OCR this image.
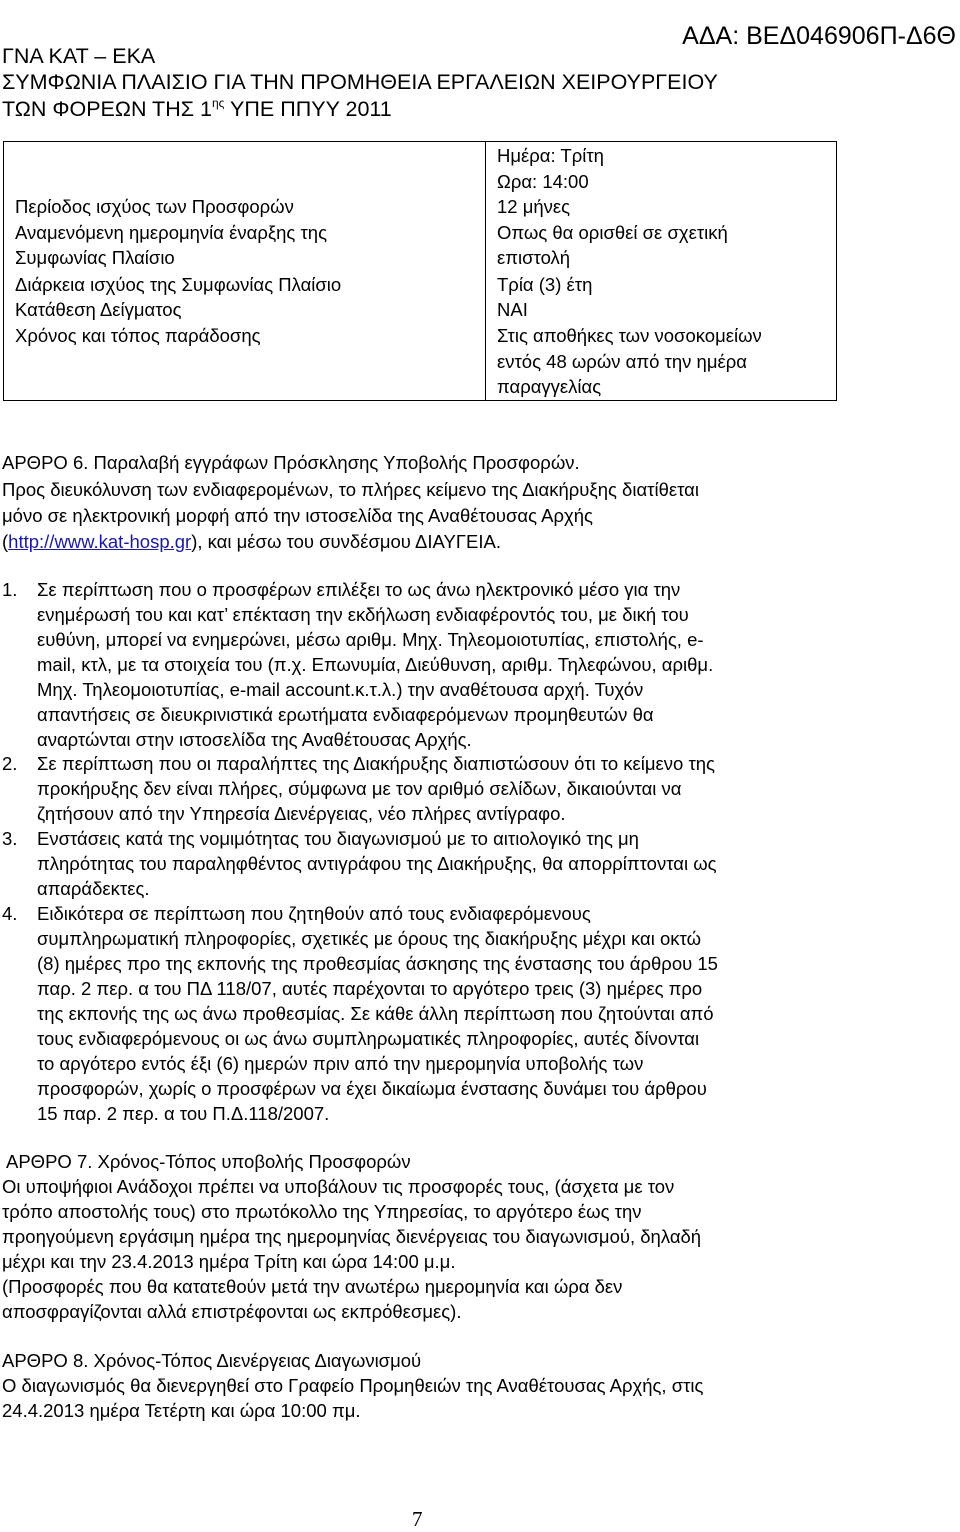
ΑΔΑ: ΒΕΔ046906Π-Δ6Θ
ΓΝΑ ΚΑΤ – ΕΚΑ
ΣΥΜΦΩΝΙΑ ΠΛΑΙΣΙΟ ΓΙΑ ΤΗΝ ΠΡΟΜΗΘΕΙΑ ΕΡΓΑΛΕΙΩΝ ΧΕΙΡΟΥΡΓΕΙΟΥ
ΤΩΝ ΦΟΡΕΩΝ ΤΗΣ $1^{\eta\varsigma}$ ΥΠΕ ΠΠΥΥ 2011
Περίοδος ισχύος των Προσφορών
Αναμενόμενη ημερομηνία έναρξης της
Συμφωνίας Πλαίσιο
Διάρκεια ισχύος της Συμφωνίας Πλαίσιο
Κατάθεση Δείγματος
Χρόνος και τόπος παράδοσης
Ημέρα: Τρίτη
Ωρα: 14:00
12 μήνες
Οπως θα ορισθεί σε σχετική
επιστολή
Τρία (3) έτη
ΝΑΙ
Στις αποθήκες των νοσοκομείων
εντός 48 ωρών από την ημέρα
παραγγελίας
ΑΡΘΡΟ 6. Παραλαβή εγγράφων Πρόσκλησης Υποβολής Προσφορών.
Προς διευκόλυνση των ενδιαφερομένων, το πλήρες κείμενο της Διακήρυξης διατίθεται
μόνο σε ηλεκτρονική μορφή από την ιστοσελίδα της Αναθέτουσας Αρχής
(http://www.kat-hosp.gr), και μέσω του συνδέσμου ΔΙΑΥΓΕΙΑ.
1. Σε περίπτωση που ο προσφέρων επιλέξει το ως άνω ηλεκτρονικό μέσο για την
ενημέρωσή του και κατ’ επέκταση την εκδήλωση ενδιαφέροντός του, με δική του
ευθύνη, μπορεί να ενημερώνει, μέσω αριθμ. Μηχ. Τηλεομοιοτυπίας, επιστολής, e-
mail, κτλ, με τα στοιχεία του (π.χ. Επωνυμία, Διεύθυνση, αριθμ. Τηλεφώνου, αριθμ.
Μηχ. Τηλεομοιοτυπίας, e-mail account.κ.τ.λ.) την αναθέτουσα αρχή. Τυχόν
απαντήσεις σε διευκρινιστικά ερωτήματα ενδιαφερόμενων προμηθευτών θα
αναρτώνται στην ιστοσελίδα της Αναθέτουσας Αρχής.
2. Σε περίπτωση που οι παραλήπτες της Διακήρυξης διαπιστώσουν ότι το κείμενο της
προκήρυξης δεν είναι πλήρες, σύμφωνα με τον αριθμό σελίδων, δικαιούνται να
ζητήσουν από την Υπηρεσία Διενέργειας, νέο πλήρες αντίγραφο.
3. Ενστάσεις κατά της νομιμότητας του διαγωνισμού με το αιτιολογικό της μη
πληρότητας του παραληφθέντος αντιγράφου της Διακήρυξης, θα απορρίπτονται ως
απαράδεκτες.
4. Ειδικότερα σε περίπτωση που ζητηθούν από τους ενδιαφερόμενους
συμπληρωματική πληροφορίες, σχετικές με όρους της διακήρυξης μέχρι και οκτώ
(8) ημέρες προ της εκπονής της προθεσμίας άσκησης της ένστασης του άρθρου 15
παρ. 2 περ. α του ΠΔ 118/07, αυτές παρέχονται το αργότερο τρεις (3) ημέρες προ
της εκπονής της ως άνω προθεσμίας. Σε κάθε άλλη περίπτωση που ζητούνται από
τους ενδιαφερόμενους οι ως άνω συμπληρωματικές πληροφορίες, αυτές δίνονται
το αργότερο εντός έξι (6) ημερών πριν από την ημερομηνία υποβολής των
προσφορών, χωρίς ο προσφέρων να έχει δικαίωμα ένστασης δυνάμει του άρθρου
15 παρ. 2 περ. α του Π.Δ.118/2007.
ΑΡΘΡΟ 7. Χρόνος-Τόπος υποβολής Προσφορών
Οι υποψήφιοι Ανάδοχοι πρέπει να υποβάλουν τις προσφορές τους, (άσχετα με τον
τρόπο αποστολής τους) στο πρωτόκολλο της Υπηρεσίας, το αργότερο έως την
προηγούμενη εργάσιμη ημέρα της ημερομηνίας διενέργειας του διαγωνισμού, δηλαδή
μέχρι και την 23.4.2013 ημέρα Τρίτη και ώρα 14:00 μ.μ.
(Προσφορές που θα κατατεθούν μετά την ανωτέρω ημερομηνία και ώρα δεν
αποσφραγίζονται αλλά επιστρέφονται ως εκπρόθεσμες).
ΑΡΘΡΟ 8. Χρόνος-Τόπος Διενέργειας Διαγωνισμού
Ο διαγωνισμός θα διενεργηθεί στο Γραφείο Προμηθειών της Αναθέτουσας Αρχής, στις
24.4.2013 ημέρα Τετέρτη και ώρα 10:00 πμ.
7
